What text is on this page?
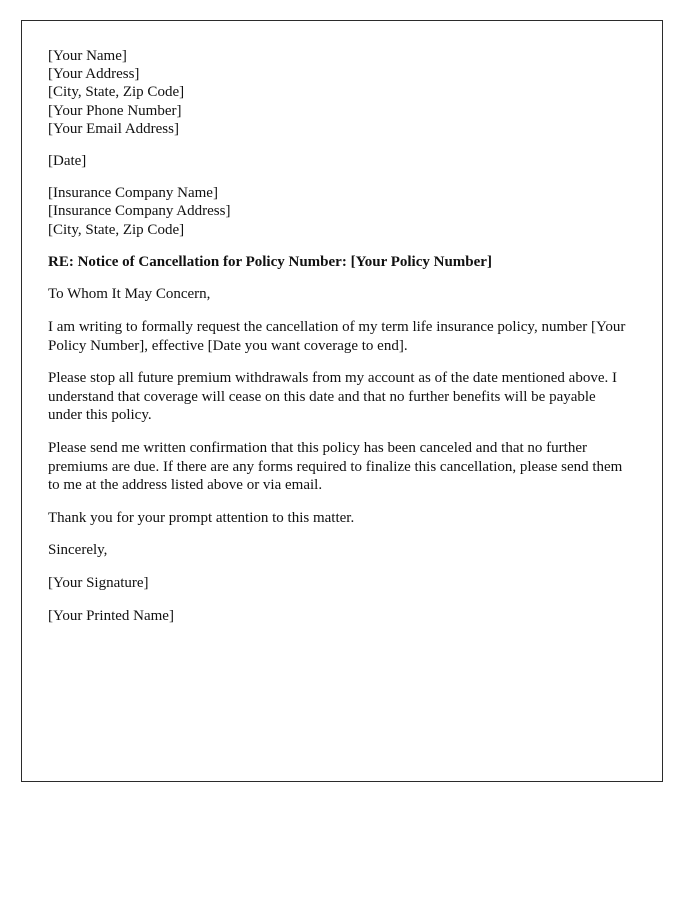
[Your Name]
[Your Address]
[City, State, Zip Code]
[Your Phone Number]
[Your Email Address]
[Date]
[Insurance Company Name]
[Insurance Company Address]
[City, State, Zip Code]
RE: Notice of Cancellation for Policy Number: [Your Policy Number]
To Whom It May Concern,

I am writing to formally request the cancellation of my term life insurance policy, number [Your Policy Number], effective [Date you want coverage to end].

Please stop all future premium withdrawals from my account as of the date mentioned above. I understand that coverage will cease on this date and that no further benefits will be payable under this policy.

Please send me written confirmation that this policy has been canceled and that no further premiums are due. If there are any forms required to finalize this cancellation, please send them to me at the address listed above or via email.

Thank you for your prompt attention to this matter.

Sincerely,
[Your Signature]
[Your Printed Name]
